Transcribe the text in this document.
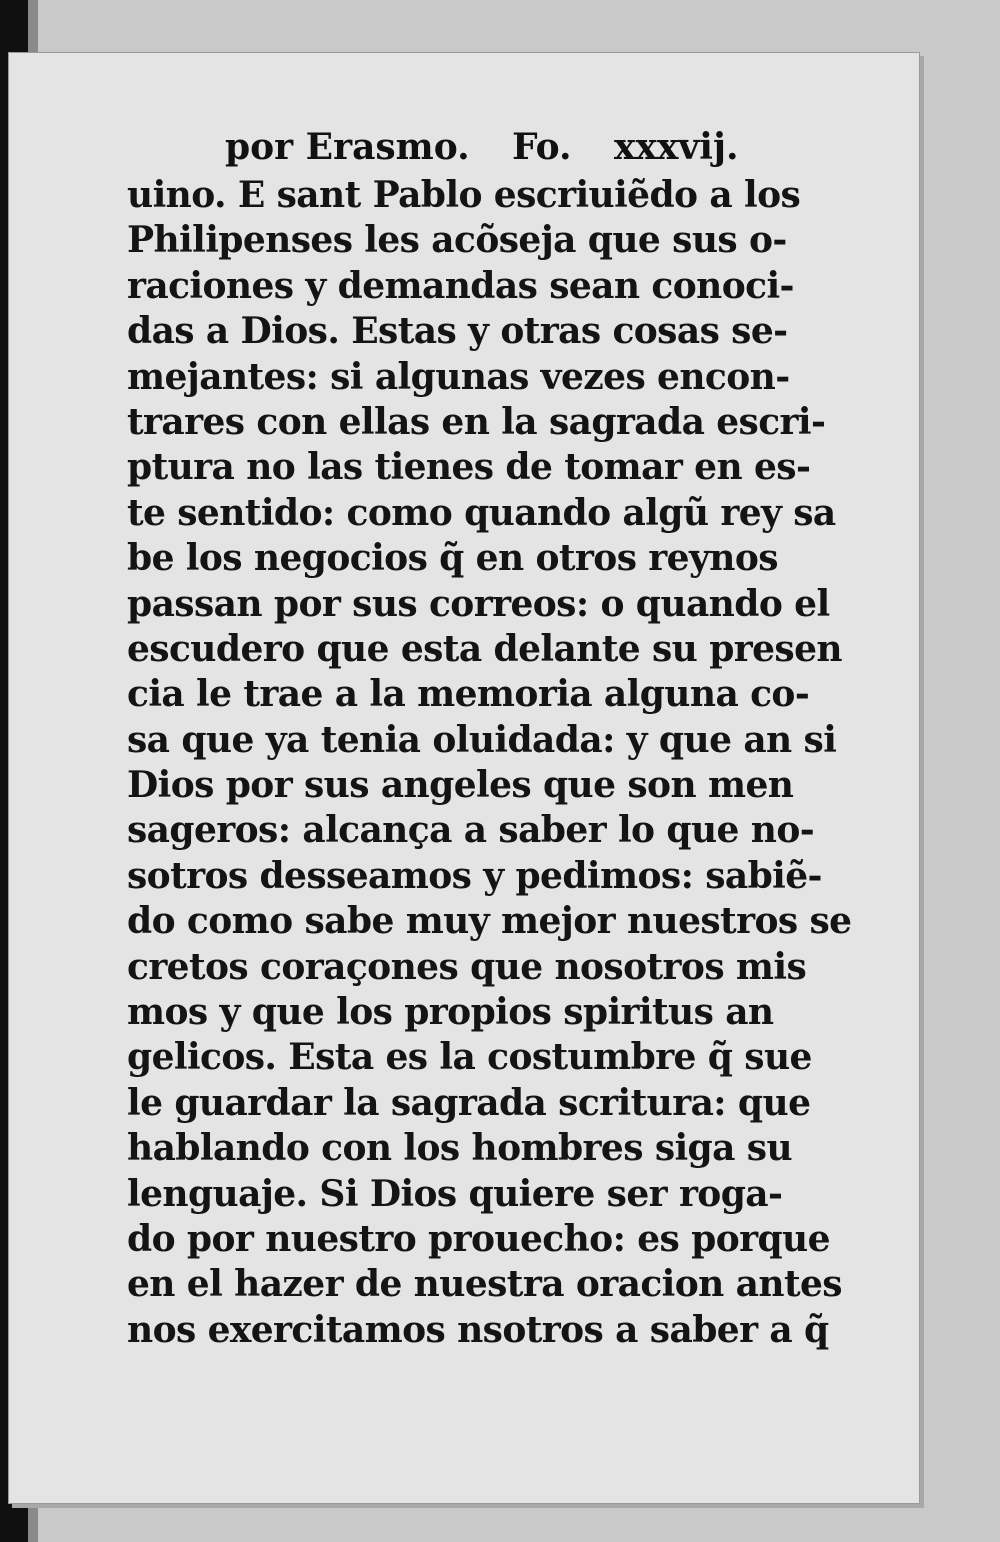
por Erasmo. Fo. xxxvij.
uino. E sant Pablo escriuiẽdo a los
Philipenses les acõseja que sus o-
raciones y demandas sean conoci-
das a Dios. Estas y otras cosas se-
mejantes: si algunas vezes encon-
trares con ellas en la sagrada escri-
ptura no las tienes de tomar en es-
te sentido: como quando algũ rey sa
be los negocios q̃ en otros reynos
passan por sus correos: o quando el
escudero que esta delante su presen
cia le trae a la memoria alguna co-
sa que ya tenia oluidada: y que an si
Dios por sus angeles que son men
sageros: alcança a saber lo que no-
sotros desseamos y pedimos: sabiẽ-
do como sabe muy mejor nuestros se
cretos coraçones que nosotros mis
mos y que los propios spiritus an
gelicos. Esta es la costumbre q̃ sue
le guardar la sagrada scritura: que
hablando con los hombres siga su
lenguaje. Si Dios quiere ser roga-
do por nuestro prouecho: es porque
en el hazer de nuestra oracion antes
nos exercitamos nsotros a saber a q̃
